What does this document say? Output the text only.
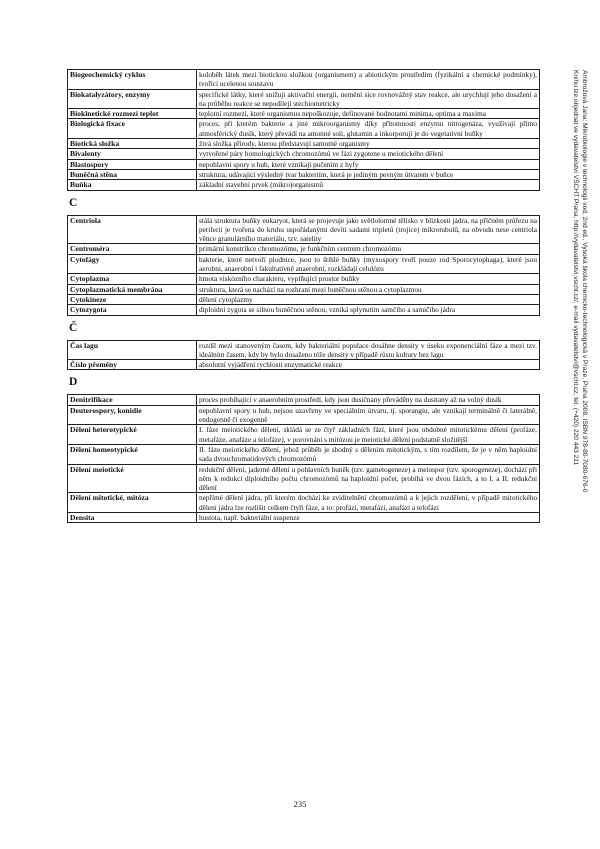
Biogeochemický cyklus	koloběh látek mezi biotickou složkou (organismem) a abiotickým prostředím (fyzikální a chemické podmínky), tvořící ucelenou soustavu
Biokatalyzátory, enzymy	specifické látky, které snižují aktivační energii, nemění sice rovnovážný stav reakce, ale urychlují jeho dosažení a na průběhu reakce se nepodílejí stechiometricky
Biokinetické rozmezí teplot	teplotní rozmezí, které organismus nepoškozuje, definované hodnotami minima, optima a maxima
Biologická fixace	proces, při kterém bakterie a jiné mikroorganismy díky přítomnosti enzymu nitrogenáza, využívají přímo atmosférický dusík, který převádí na amonné soli, glutamin a inkorporují je do vegetativní buňky
Biotická složka	živá složka přírody, kterou představují samotné organismy
Bivalenty	vytvořené páry homologických chromozómů ve fázi zygotene u meiotického dělení
Blastospory	nepohlavní spory u hub, které vznikají pučením z hyfy
Buněčná stěna	struktura, udávající výsledný tvar bakteriím, která je jediným pevným útvarem v buňce
Buňka	základní stavební prvek (mikro)organismů
C
Centriola	stálá struktura buňky eukaryot, která se projevuje jako světlolomné tělísko v blízkosti jádra, na příčném průřezu na periferii je tvořena do kruhu uspořádanými devíti sadami tripletů (trojice) mikrotubulů, na obvodu nese centriola věnce granulárního materiálu, tzv. satelity
Centroméra	primární konstrikce chromozómu, je funkčním centrem chromozómu
Cytofágy	bakterie, které netvoří plodnice, jsou to štíhlé buňky (myxospory tvoří pouze rod Sporocytophaga), které jsou aerobní, anaerobní i fakultativně anaerobní, rozkládají celulózu
Cytoplazma	hmota viskózního charakteru, vyplňující prostor buňky
Cytoplazmatická membrána	struktura, která se nachází na rozhraní mezi buněčnou stěnou a cytoplazmou
Cytokineze	dělení cytoplazmy
Cytozygota	diploidní zygota se silnou buněčnou stěnou, vzniká splynutím samčího a samičího jádra
Č
Čas lagu	rozdíl mezi stanoveným časem, kdy bakteriální populace dosáhne density v úseku exponenciální fáze a mezi tzv. ideálním časem, kdy by bylo dosaženo téže density v případě růstu kultury bez lagu
Číslo přeměny	absolutní vyjádření rychlosti enzymatické reakce
D
Denitrifikace	proces probíhající v anaerobním prostředí, kdy jsou dusičnany převáděny na dusitany až na volný dusík
Deuterospory, konidie	nepohlavní spory u hub, nejsou uzavřeny ve speciálním útvaru, tj. sporangiu, ale vznikají terminálně či laterálně, endogenně či exogenně
Dělení heterotypické	I. fáze meiotického dělení, skládá se ze čtyř základních fází, které jsou obdobné mitotickému dělení (profáze, metafáze, anafáze a telofáze), v porovnání s mitózou je meiotické dělení podstatně složitější
Dělení homeotypické	II. fáze meiotického dělení, jehož průběh je shodný s dělením mitotickým, s tím rozdílem, že je v něm haploidní sada dvouchromatidových chromozómů
Dělení meiotické	redukční dělení, jaderné dělení u pohlavních buněk (tzv. gametogeneze) a meiospor (tzv. sporogeneze), dochází při něm k redukci diploidního počtu chromozómů na haploidní počet, probíhá ve dvou fázích, a to I. a II. redukční dělení
Dělení mitotické, mitóza	nepřímé dělení jádra, při kterém dochází ke zviditelnění chromozómů a k jejich rozdělení, v případě mitotického dělení jádra lze rozlišit celkem čtyři fáze, a to: profázi, metafázi, anafázi a telofázi
Densita	hustota, např. bakteriální suspenze
Ambrožová Jana: Mikrobiologie v technologii vod, 2nd ed., Vysoká škola chemicko-technologická v Praze, Praha 2008, ISBN 978-80-7080-676-0
Knihu lze objednat ve vydavatelství VŠCHT Praha, http://vydavatelstvi.vscht.cz/, e-mail vydavatelstvi@vscht.cz, tel. (+420) 220 443 211
235
